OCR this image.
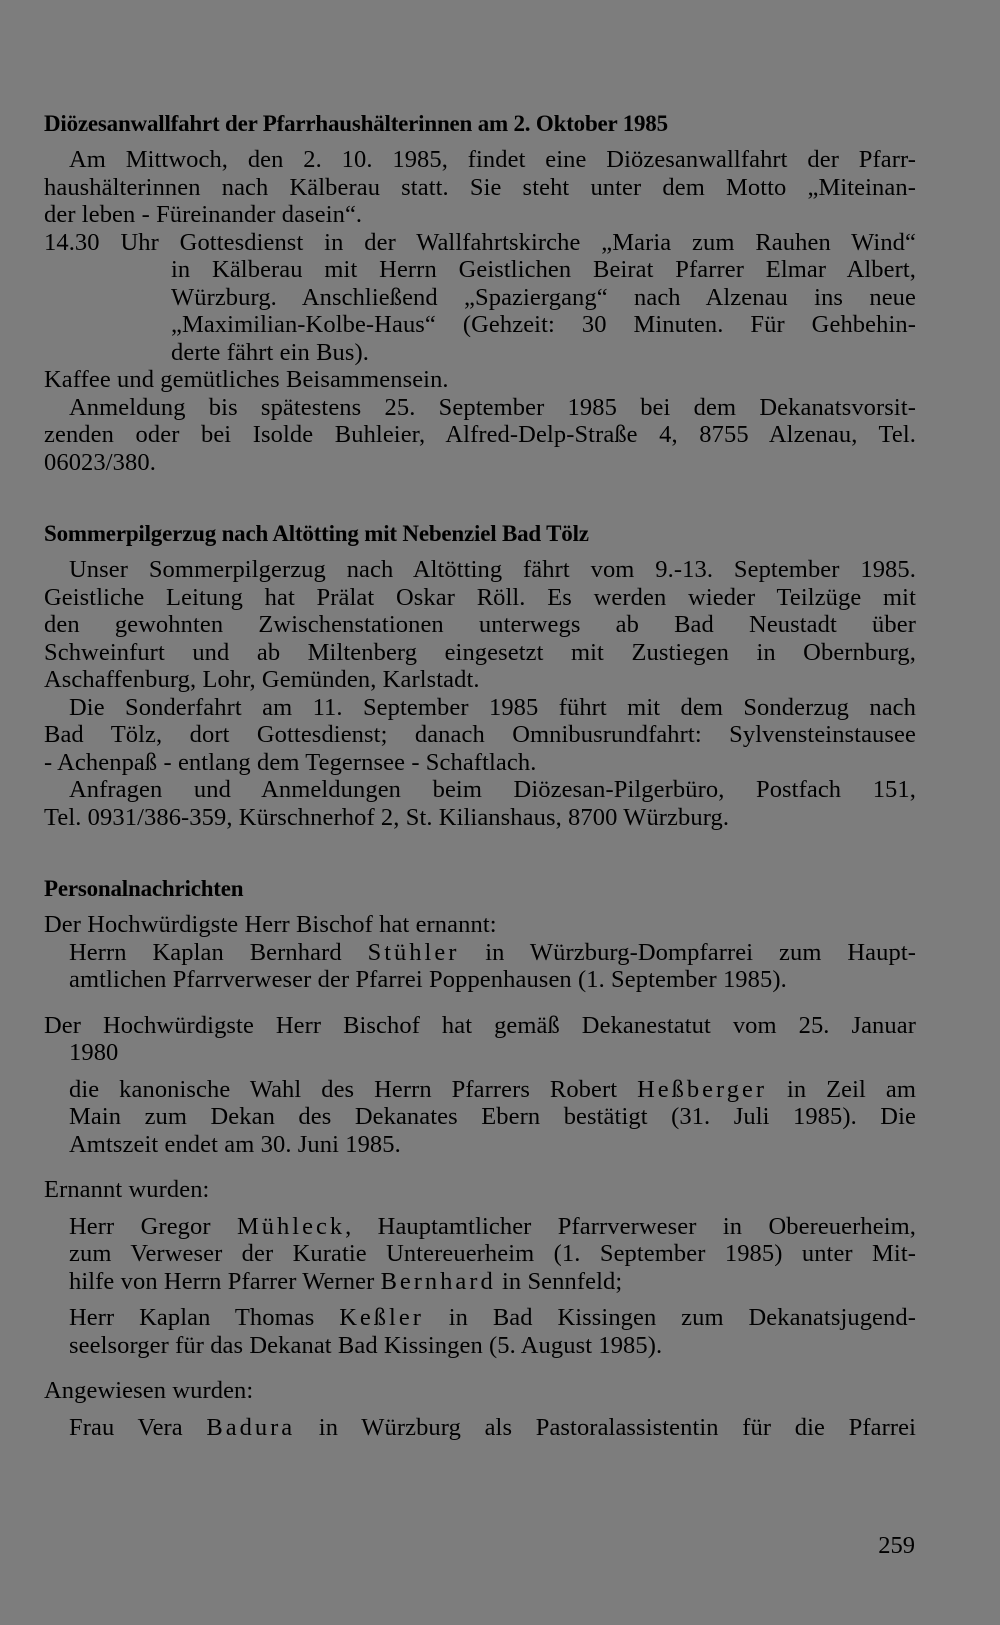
Diözesanwallfahrt der Pfarrhaushälterinnen am 2. Oktober 1985
Am Mittwoch, den 2. 10. 1985, findet eine Diözesanwallfahrt der Pfarr-
haushälterinnen nach Kälberau statt. Sie steht unter dem Motto „Miteinan-
der leben - Füreinander dasein“.
14.30 Uhr Gottesdienst in der Wallfahrtskirche „Maria zum Rauhen Wind“
in Kälberau mit Herrn Geistlichen Beirat Pfarrer Elmar Albert,
Würzburg. Anschließend „Spaziergang“ nach Alzenau ins neue
„Maximilian-Kolbe-Haus“ (Gehzeit: 30 Minuten. Für Gehbehin-
derte fährt ein Bus).
Kaffee und gemütliches Beisammensein.
Anmeldung bis spätestens 25. September 1985 bei dem Dekanatsvorsit-
zenden oder bei Isolde Buhleier, Alfred-Delp-Straße 4, 8755 Alzenau, Tel.
06023/380.
Sommerpilgerzug nach Altötting mit Nebenziel Bad Tölz
Unser Sommerpilgerzug nach Altötting fährt vom 9.-13. September 1985.
Geistliche Leitung hat Prälat Oskar Röll. Es werden wieder Teilzüge mit
den gewohnten Zwischenstationen unterwegs ab Bad Neustadt über
Schweinfurt und ab Miltenberg eingesetzt mit Zustiegen in Obernburg,
Aschaffenburg, Lohr, Gemünden, Karlstadt.
Die Sonderfahrt am 11. September 1985 führt mit dem Sonderzug nach
Bad Tölz, dort Gottesdienst; danach Omnibusrundfahrt: Sylvensteinstausee
- Achenpaß - entlang dem Tegernsee - Schaftlach.
Anfragen und Anmeldungen beim Diözesan-Pilgerbüro, Postfach 151,
Tel. 0931/386-359, Kürschnerhof 2, St. Kilianshaus, 8700 Würzburg.
Personalnachrichten
Der Hochwürdigste Herr Bischof hat ernannt:
Herrn Kaplan Bernhard Stühler in Würzburg-Dompfarrei zum Haupt-
amtlichen Pfarrverweser der Pfarrei Poppenhausen (1. September 1985).
Der Hochwürdigste Herr Bischof hat gemäß Dekanestatut vom 25. Januar
1980
die kanonische Wahl des Herrn Pfarrers Robert Heßberger in Zeil am
Main zum Dekan des Dekanates Ebern bestätigt (31. Juli 1985). Die
Amtszeit endet am 30. Juni 1985.
Ernannt wurden:
Herr Gregor Mühleck, Hauptamtlicher Pfarrverweser in Obereuerheim,
zum Verweser der Kuratie Untereuerheim (1. September 1985) unter Mit-
hilfe von Herrn Pfarrer Werner Bernhard in Sennfeld;
Herr Kaplan Thomas Keßler in Bad Kissingen zum Dekanatsjugend-
seelsorger für das Dekanat Bad Kissingen (5. August 1985).
Angewiesen wurden:
Frau Vera Badura in Würzburg als Pastoralassistentin für die Pfarrei
259
